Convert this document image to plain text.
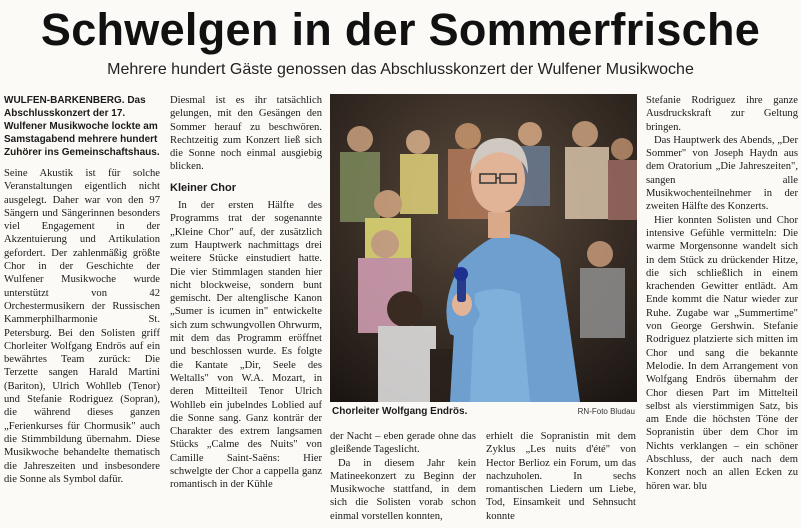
Schwelgen in der Sommerfrische
Mehrere hundert Gäste genossen das Abschlusskonzert der Wulfener Musikwoche
WULFEN-BARKENBERG. Das Abschlusskonzert der 17. Wulfener Musikwoche lockte am Samstagabend mehrere hundert Zuhörer ins Gemeinschaftshaus.

Seine Akustik ist für solche Veranstaltungen eigentlich nicht ausgelegt. Daher war von den 97 Sängern und Sängerinnen besonders viel Engagement in der Akzentuierung und Artikulation gefordert. Der zahlenmäßig größte Chor in der Geschichte der Wulfener Musikwoche wurde unterstützt von 42 Orchestermusikern der Russischen Kammerphilharmonie St. Petersburg. Bei den Solisten griff Chorleiter Wolfgang Endrös auf ein bewährtes Team zurück: Die Terzette sangen Harald Martini (Bariton), Ulrich Wohlleb (Tenor) und Stefanie Rodriguez (Sopran), die während dieses ganzen „Ferienkurses für Chormusik" auch die Stimmbildung übernahm. Diese Musikwoche behandelte thematisch die Jahreszeiten und insbesondere die Sonne als Symbol dafür.

Diesmal ist es ihr tatsächlich gelungen, mit den Gesängen den Sommer herauf zu beschwören. Rechtzeitig zum Konzert ließ sich die Sonne noch einmal ausgiebig blicken.

Kleiner Chor

In der ersten Hälfte des Programms trat der sogenannte „Kleine Chor" auf, der zusätzlich zum Hauptwerk nachmittags drei weitere Stücke einstudiert hatte. Die vier Stimmlagen standen hier nicht blockweise, sondern bunt gemischt. Der altenglische Kanon „Sumer is icumen in" entwickelte sich zum schwungvollen Ohrwurm, mit dem das Programm eröffnet und beschlossen wurde. Es folgte die Kantate „Dir, Seele des Weltalls" von W.A. Mozart, in deren Mitteilteil Tenor Ulrich Wohlleb ein jubelndes Loblied auf die Sonne sang. Ganz konträr der Charakter des extrem langsamen Stücks „Calme des Nuits" von Camille Saint-Saëns: Hier schwelgte der Chor a cappella ganz romantisch in der Kühle

Chorleiter Wolfgang Endrös.	RN-Foto Bludau

der Nacht – eben gerade ohne das gleißende Tageslicht.

Da in diesem Jahr kein Matineekonzert zu Beginn der Musikwoche stattfand, in dem sich die Solisten vorab schon einmal vorstellen konnten,

erhielt die Sopranistin mit dem Zyklus „Les nuits d'été" von Hector Berlioz ein Forum, um das nachzuholen. In sechs romantischen Liedern um Liebe, Tod, Einsamkeit und Sehnsucht konnte

Stefanie Rodriguez ihre ganze Ausdruckskraft zur Geltung bringen.

Das Hauptwerk des Abends, „Der Sommer" von Joseph Haydn aus dem Oratorium „Die Jahreszeiten", sangen alle Musikwochenteilnehmer in der zweiten Hälfte des Konzerts.

Hier konnten Solisten und Chor intensive Gefühle vermitteln: Die warme Morgensonne wandelt sich in dem Stück zu drückender Hitze, die sich schließlich in einem krachenden Gewitter entlädt. Am Ende kommt die Natur wieder zur Ruhe. Zugabe war „Summertime" von George Gershwin. Stefanie Rodriguez platzierte sich mitten im Chor und sang die bekannte Melodie. In dem Arrangement von Wolfgang Endrös übernahm der Chor diesen Part im Mittelteil selbst als vierstimmigen Satz, bis am Ende die höchsten Töne der Sopranistin über dem Chor im Nichts verklangen – ein schöner Abschluss, der auch nach dem Konzert noch an allen Ecken zu hören war. blu
